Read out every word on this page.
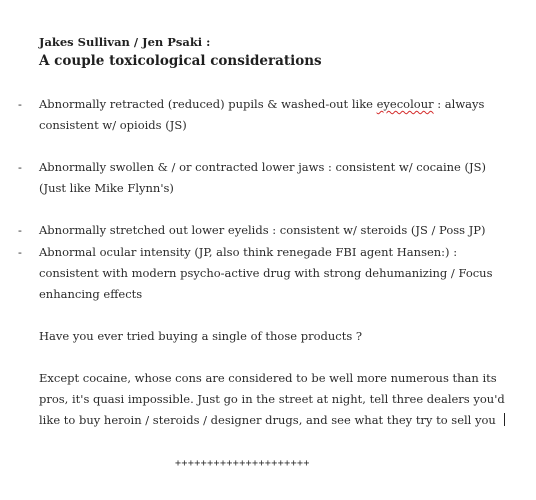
Jakes Sullivan / Jen Psaki :
A couple toxicological considerations
- Abnormally retracted (reduced) pupils & washed-out like eyecolour : always
consistent w/ opioids (JS)
- Abnormally swollen & / or contracted lower jaws : consistent w/ cocaine (JS)
(Just like Mike Flynn's)
- Abnormally stretched out lower eyelids : consistent w/ steroids (JS / Poss JP)
- Abnormal ocular intensity (JP, also think renegade FBI agent Hansen:) :
consistent with modern psycho-active drug with strong dehumanizing / Focus
enhancing effects
Have you ever tried buying a single of those products ?
Except cocaine, whose cons are considered to be well more numerous than its
pros, it's quasi impossible. Just go in the street at night, tell three dealers you'd
like to buy heroin / steroids / designer drugs, and see what they try to sell you
+++++++++++++++++++++
